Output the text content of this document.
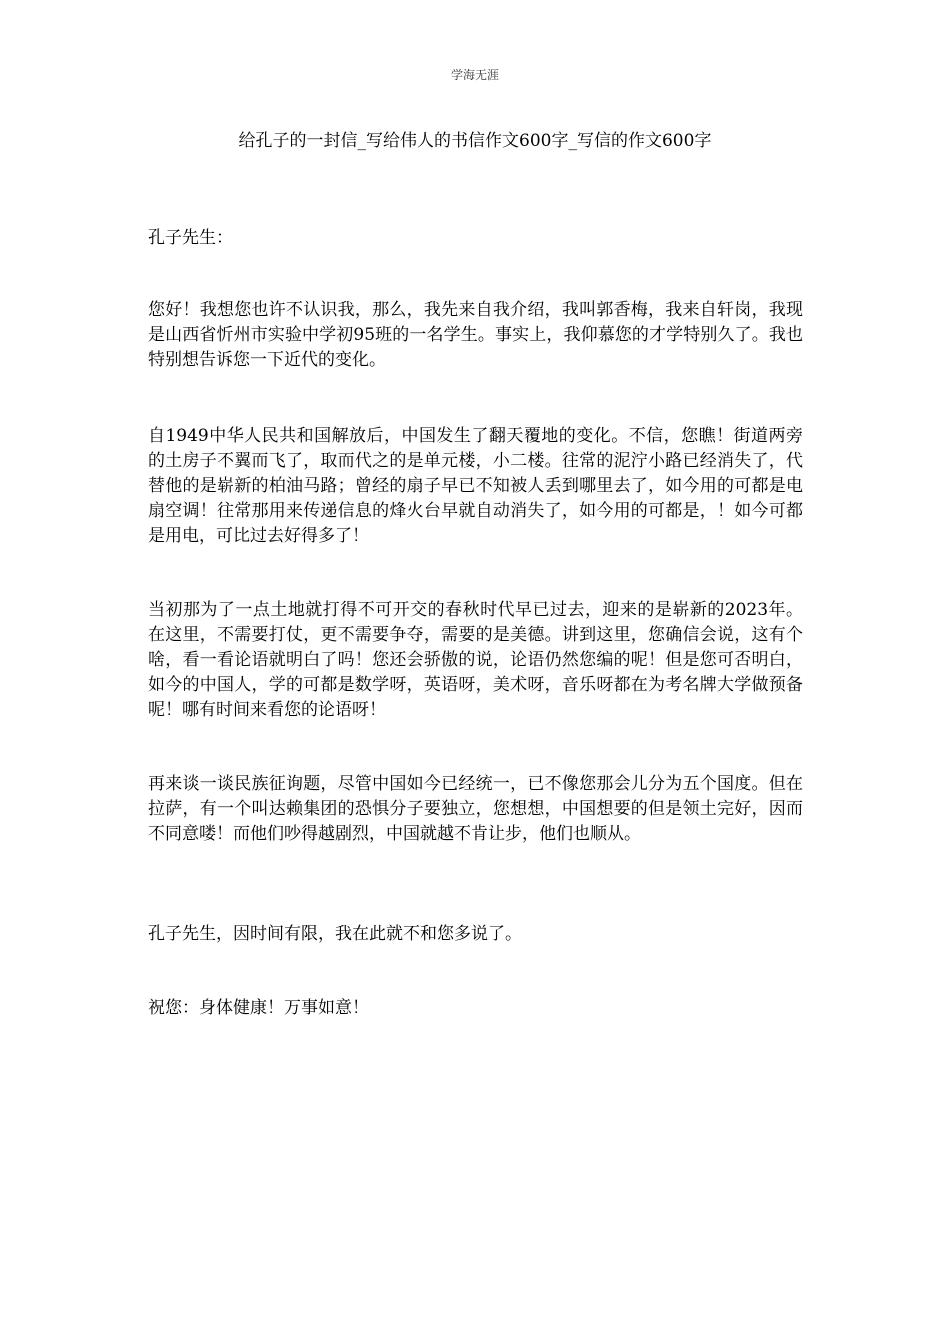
学海无涯
给孔子的一封信_写给伟人的书信作文600字_写信的作文600字

孔子先生：

您好！我想您也许不认识我，那么，我先来自我介绍，我叫郭香梅，我来自轩岗，我现是山西省忻州市实验中学初95班的一名学生。事实上，我仰慕您的才学特别久了。我也特别想告诉您一下近代的变化。

自1949中华人民共和国解放后，中国发生了翻天覆地的变化。不信，您瞧！街道两旁的土房子不翼而飞了，取而代之的是单元楼，小二楼。往常的泥泞小路已经消失了，代替他的是崭新的柏油马路；曾经的扇子早已不知被人丢到哪里去了，如今用的可都是电扇空调！往常那用来传递信息的烽火台早就自动消失了，如今用的可都是，！如今可都是用电，可比过去好得多了！

当初那为了一点土地就打得不可开交的春秋时代早已过去，迎来的是崭新的2023年。在这里，不需要打仗，更不需要争夺，需要的是美德。讲到这里，您确信会说，这有个啥，看一看论语就明白了吗！您还会骄傲的说，论语仍然您编的呢！但是您可否明白，如今的中国人，学的可都是数学呀，英语呀，美术呀，音乐呀都在为考名牌大学做预备呢！哪有时间来看您的论语呀！

再来谈一谈民族征询题，尽管中国如今已经统一，已不像您那会儿分为五个国度。但在拉萨，有一个叫达赖集团的恐惧分子要独立，您想想，中国想要的但是领土完好，因而不同意喽！而他们吵得越剧烈，中国就越不肯让步，他们也顺从。

孔子先生，因时间有限，我在此就不和您多说了。

祝您：身体健康！万事如意！
